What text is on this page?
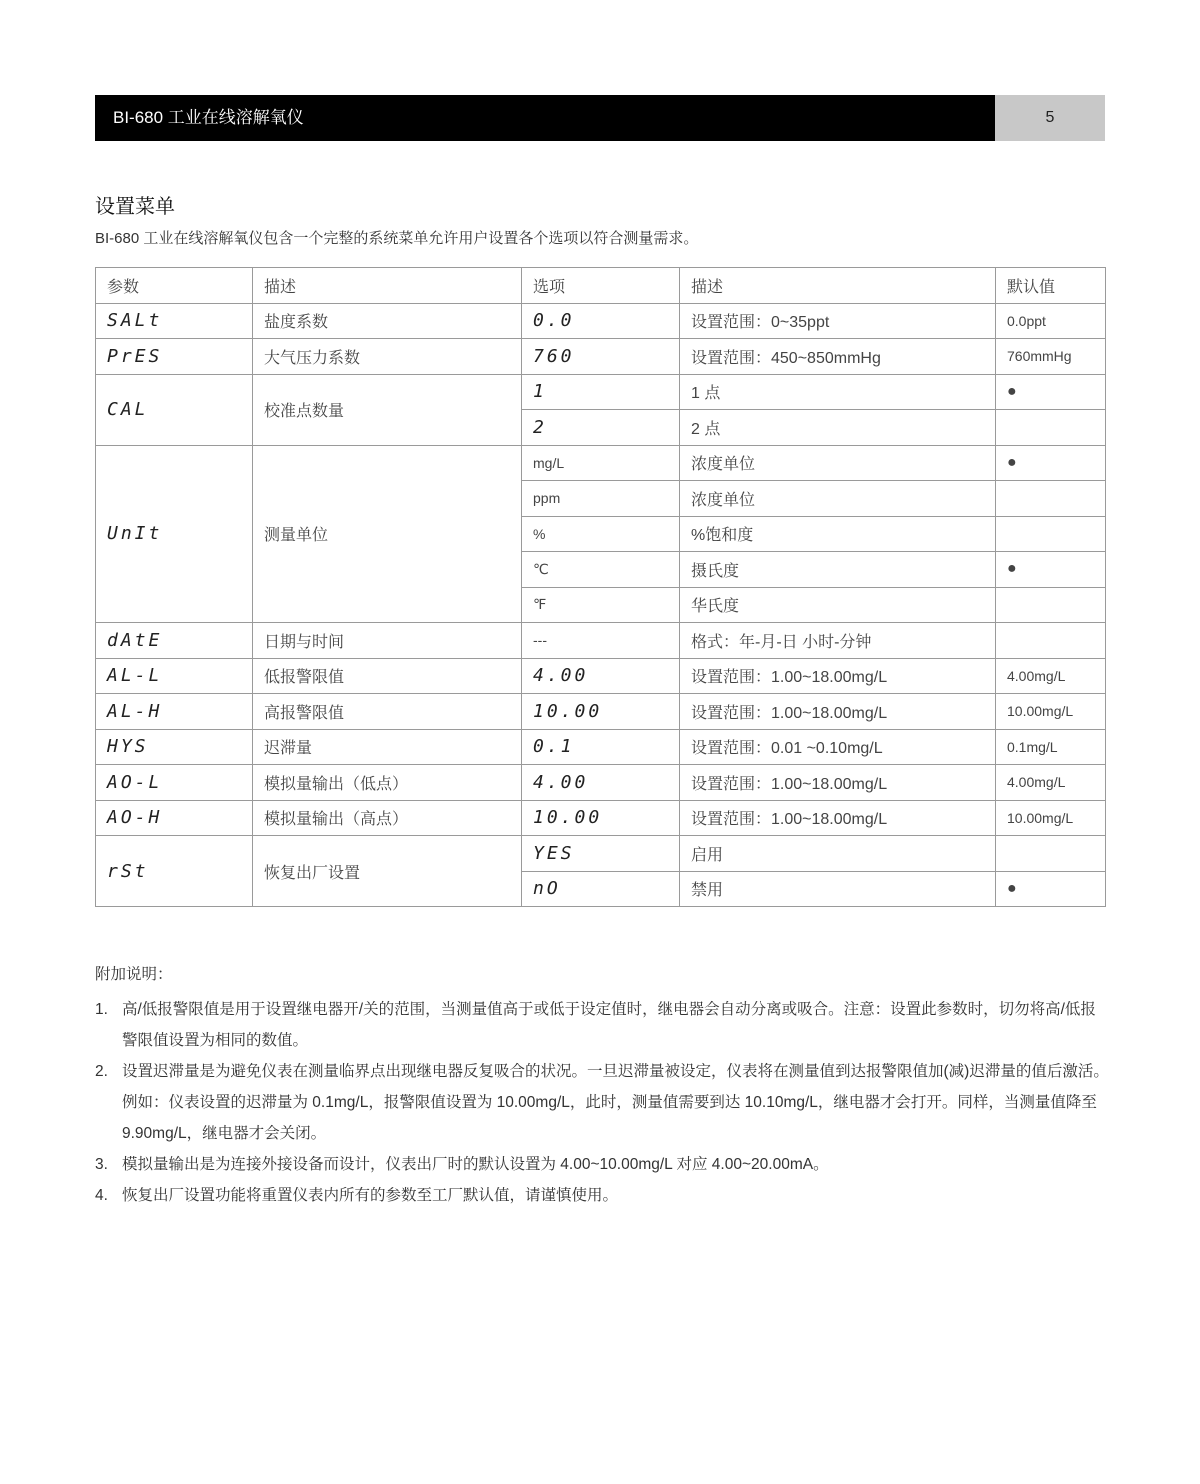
BI-680 工业在线溶解氧仪	5
设置菜单
BI-680 工业在线溶解氧仪包含一个完整的系统菜单允许用户设置各个选项以符合测量需求。
参数	描述	选项	描述	默认值
SALt	盐度系数	0.0	设置范围：0~35ppt	0.0ppt
PrES	大气压力系数	760	设置范围：450~850mmHg	760mmHg
CAL	校准点数量	1	1 点	●
		2	2 点	
UnIt	测量单位	mg/L	浓度单位	●
		ppm	浓度单位	
		%	%饱和度	
		℃	摄氏度	●
		℉	华氏度	
dAtE	日期与时间	---	格式：年-月-日 小时-分钟	
AL-L	低报警限值	4.00	设置范围：1.00~18.00mg/L	4.00mg/L
AL-H	高报警限值	10.00	设置范围：1.00~18.00mg/L	10.00mg/L
HYS	迟滞量	0.1	设置范围：0.01 ~0.10mg/L	0.1mg/L
AO-L	模拟量输出（低点）	4.00	设置范围：1.00~18.00mg/L	4.00mg/L
AO-H	模拟量输出（高点）	10.00	设置范围：1.00~18.00mg/L	10.00mg/L
rSt	恢复出厂设置	YES	启用	
		nO	禁用	●
附加说明：
1. 高/低报警限值是用于设置继电器开/关的范围，当测量值高于或低于设定值时，继电器会自动分离或吸合。注意：设置此参数时，切勿将高/低报警限值设置为相同的数值。
2. 设置迟滞量是为避免仪表在测量临界点出现继电器反复吸合的状况。一旦迟滞量被设定，仪表将在测量值到达报警限值加(减)迟滞量的值后激活。例如：仪表设置的迟滞量为 0.1mg/L，报警限值设置为 10.00mg/L，此时，测量值需要到达 10.10mg/L，继电器才会打开。同样，当测量值降至 9.90mg/L，继电器才会关闭。
3. 模拟量输出是为连接外接设备而设计，仪表出厂时的默认设置为 4.00~10.00mg/L 对应 4.00~20.00mA。
4. 恢复出厂设置功能将重置仪表内所有的参数至工厂默认值，请谨慎使用。
